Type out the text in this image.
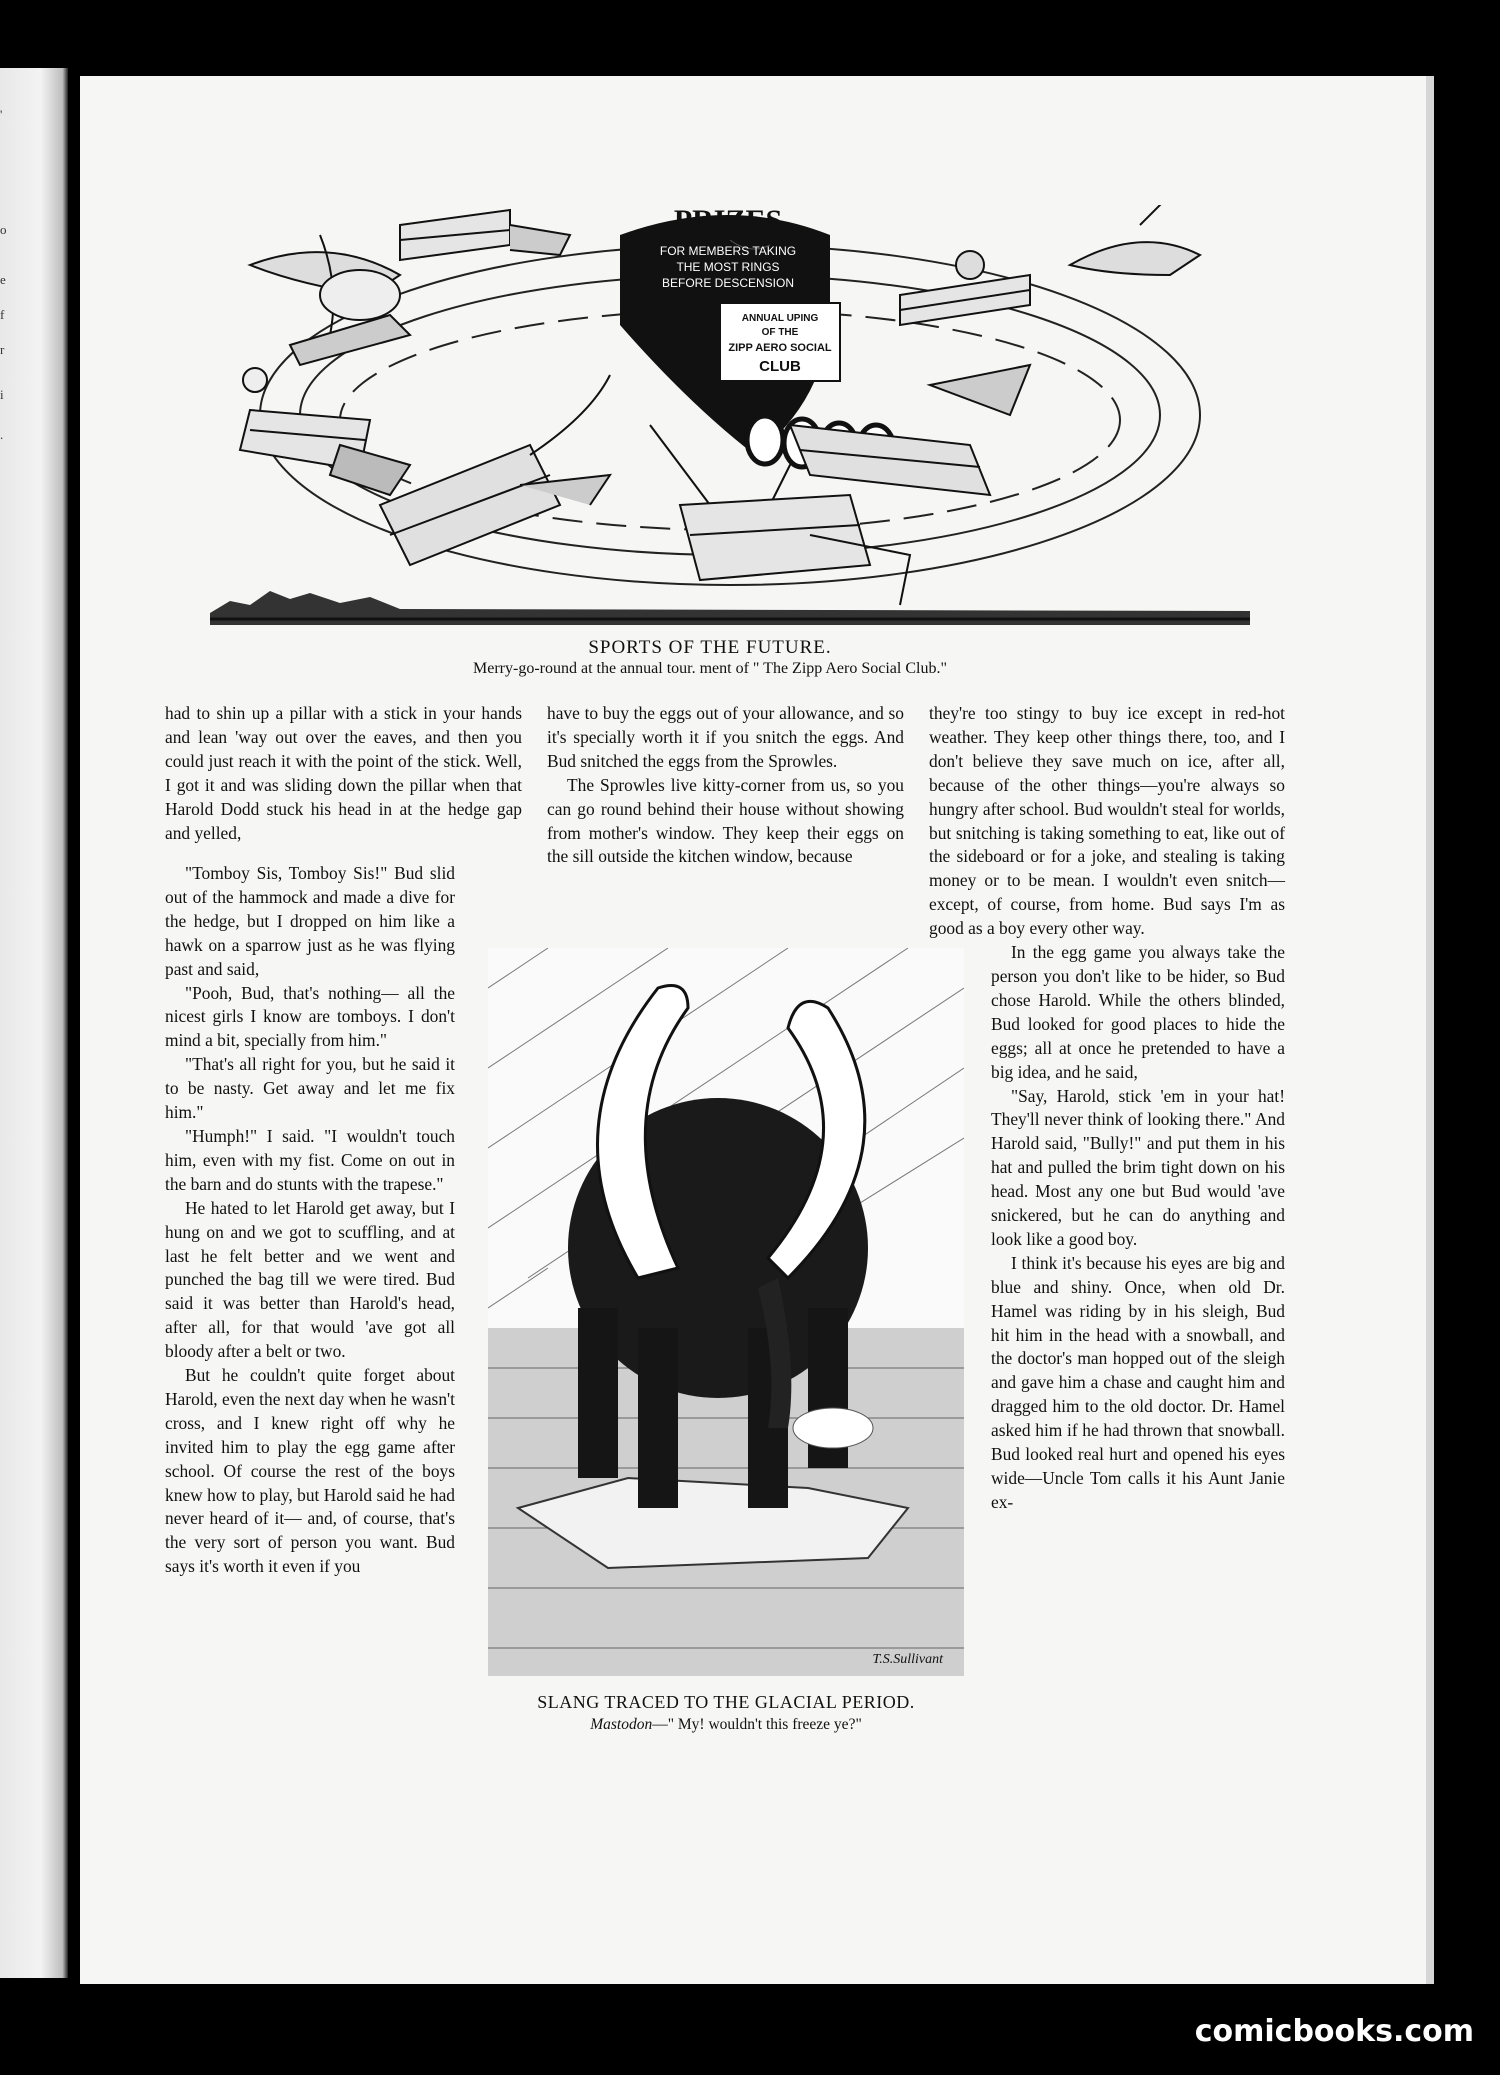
'
o
e
f
r
i
.
PRIZES
FOR MEMBERS TAKING
THE MOST RINGS
BEFORE DESCENSION
ANNUAL UPING
OF THE
ZIPP AERO SOCIAL
CLUB
SPORTS OF THE FUTURE.
Merry-go-round at the annual tour. ment of " The Zipp Aero Social Club."

had to shin up a pillar with a stick in your hands and lean 'way out over the eaves, and then you could just reach it with the point of the stick. Well, I got it and was sliding down the pillar when that Harold Dodd stuck his head in at the hedge gap and yelled,

"Tomboy Sis, Tomboy Sis!" Bud slid out of the hammock and made a dive for the hedge, but I dropped on him like a hawk on a sparrow just as he was flying past and said,

"Pooh, Bud, that's nothing— all the nicest girls I know are tomboys. I don't mind a bit, specially from him."

"That's all right for you, but he said it to be nasty. Get away and let me fix him."

"Humph!" I said. "I wouldn't touch him, even with my fist. Come on out in the barn and do stunts with the trapese."

He hated to let Harold get away, but I hung on and we got to scuffling, and at last he felt better and we went and punched the bag till we were tired. Bud said it was better than Harold's head, after all, for that would 'ave got all bloody after a belt or two.

But he couldn't quite forget about Harold, even the next day when he wasn't cross, and I knew right off why he invited him to play the egg game after school. Of course the rest of the boys knew how to play, but Harold said he had never heard of it— and, of course, that's the very sort of person you want. Bud says it's worth it even if you

have to buy the eggs out of your allowance, and so it's specially worth it if you snitch the eggs. And Bud snitched the eggs from the Sprowles.

The Sprowles live kitty-corner from us, so you can go round behind their house without showing from mother's window. They keep their eggs on the sill outside the kitchen window, because

they're too stingy to buy ice except in red-hot weather. They keep other things there, too, and I don't believe they save much on ice, after all, because of the other things—you're always so hungry after school. Bud wouldn't steal for worlds, but snitching is taking something to eat, like out of the sideboard or for a joke, and stealing is taking money or to be mean. I wouldn't even snitch—except, of course, from home. Bud says I'm as good as a boy every other way.

In the egg game you always take the person you don't like to be hider, so Bud chose Harold. While the others blinded, Bud looked for good places to hide the eggs; all at once he pretended to have a big idea, and he said,

"Say, Harold, stick 'em in your hat! They'll never think of looking there." And Harold said, "Bully!" and put them in his hat and pulled the brim tight down on his head. Most any one but Bud would 'ave snickered, but he can do anything and look like a good boy.

I think it's because his eyes are big and blue and shiny. Once, when old Dr. Hamel was riding by in his sleigh, Bud hit him in the head with a snowball, and the doctor's man hopped out of the sleigh and gave him a chase and caught him and dragged him to the old doctor. Dr. Hamel asked him if he had thrown that snowball. Bud looked real hurt and opened his eyes wide—Uncle Tom calls it his Aunt Janie ex-

T.S.Sullivant
SLANG TRACED TO THE GLACIAL PERIOD.
Mastodon—" My! wouldn't this freeze ye?"
comicbooks.com
